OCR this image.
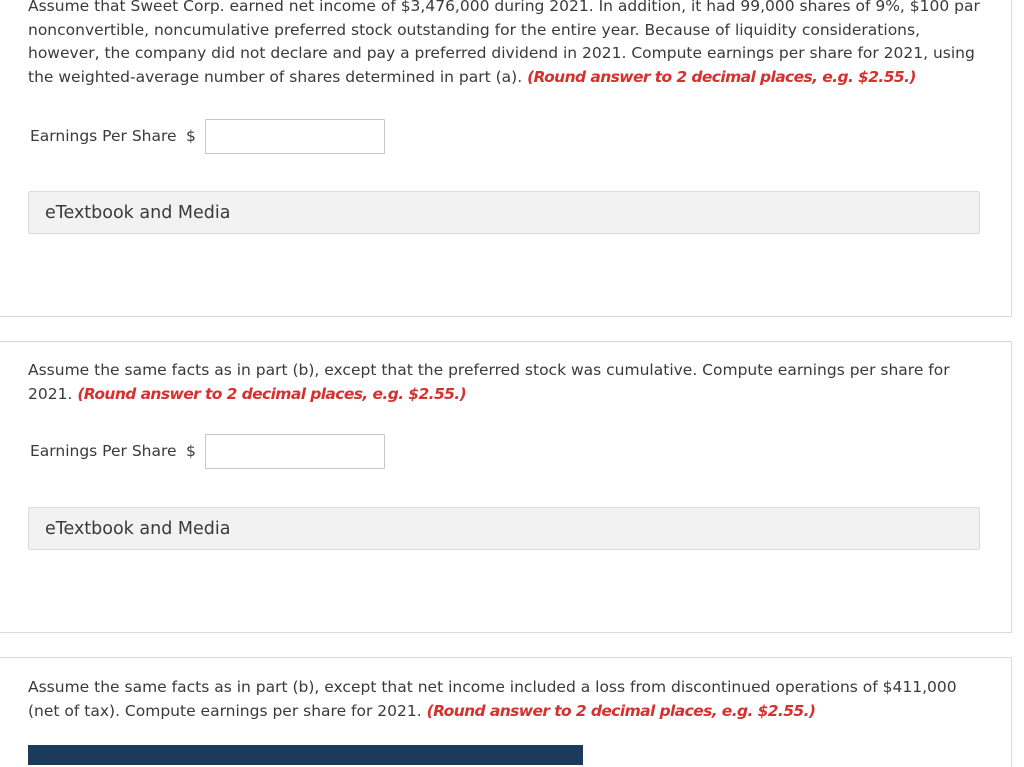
Assume that Sweet Corp. earned net income of $3,476,000 during 2021. In addition, it had 99,000 shares of 9%, $100 par nonconvertible, noncumulative preferred stock outstanding for the entire year. Because of liquidity considerations, however, the company did not declare and pay a preferred dividend in 2021. Compute earnings per share for 2021, using the weighted-average number of shares determined in part (a). (Round answer to 2 decimal places, e.g. $2.55.)

Earnings Per Share $
eTextbook and Media

Assume the same facts as in part (b), except that the preferred stock was cumulative. Compute earnings per share for 2021. (Round answer to 2 decimal places, e.g. $2.55.)

Earnings Per Share $
eTextbook and Media

Assume the same facts as in part (b), except that net income included a loss from discontinued operations of $411,000 (net of tax). Compute earnings per share for 2021. (Round answer to 2 decimal places, e.g. $2.55.)
